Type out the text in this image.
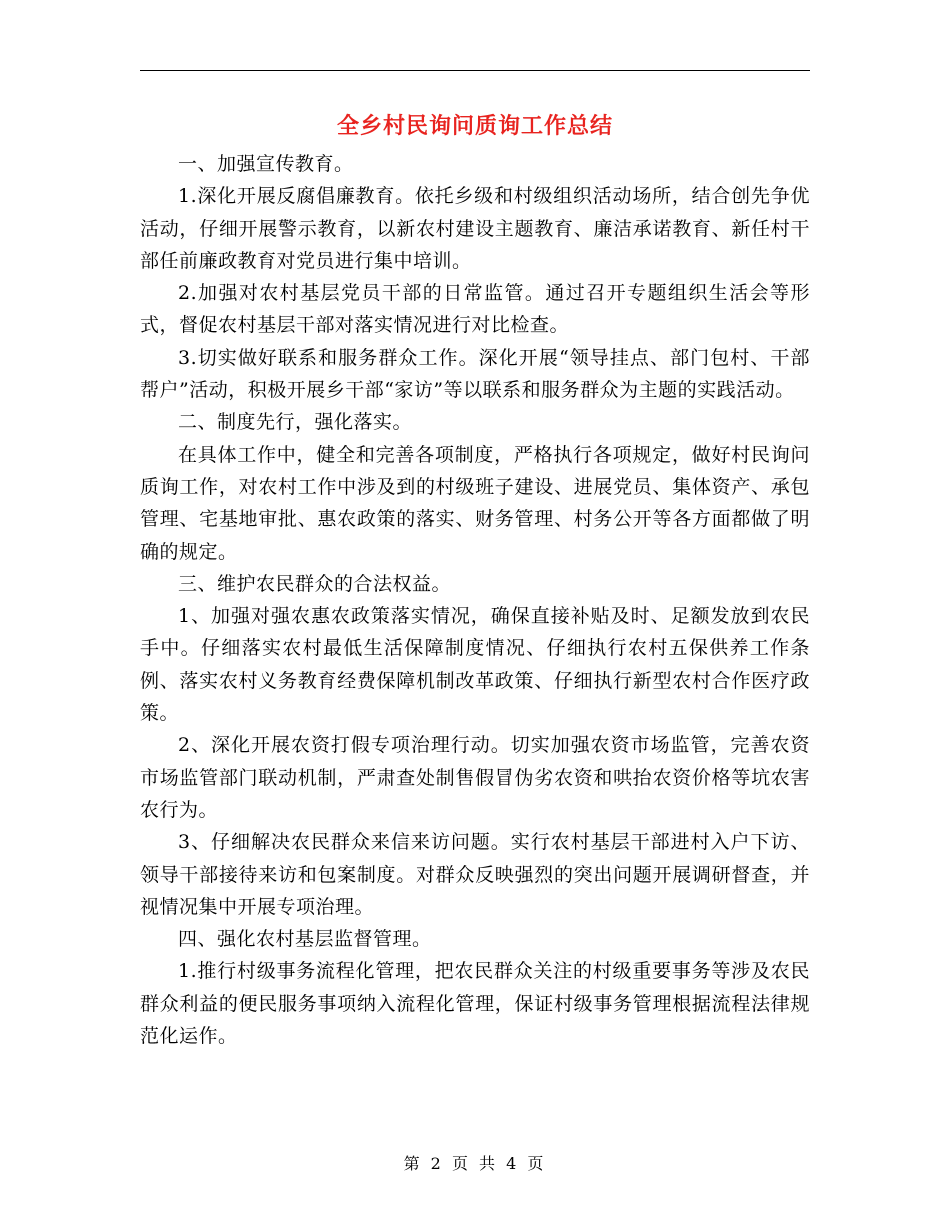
全乡村民询问质询工作总结

一、加强宣传教育。

1.深化开展反腐倡廉教育。依托乡级和村级组织活动场所，结合创先争优活动，仔细开展警示教育，以新农村建设主题教育、廉洁承诺教育、新任村干部任前廉政教育对党员进行集中培训。

2.加强对农村基层党员干部的日常监管。通过召开专题组织生活会等形式，督促农村基层干部对落实情况进行对比检查。

3.切实做好联系和服务群众工作。深化开展“领导挂点、部门包村、干部帮户”活动，积极开展乡干部“家访”等以联系和服务群众为主题的实践活动。

二、制度先行，强化落实。

在具体工作中，健全和完善各项制度，严格执行各项规定，做好村民询问质询工作，对农村工作中涉及到的村级班子建设、进展党员、集体资产、承包管理、宅基地审批、惠农政策的落实、财务管理、村务公开等各方面都做了明确的规定。

三、维护农民群众的合法权益。

1、加强对强农惠农政策落实情况，确保直接补贴及时、足额发放到农民手中。仔细落实农村最低生活保障制度情况、仔细执行农村五保供养工作条例、落实农村义务教育经费保障机制改革政策、仔细执行新型农村合作医疗政策。

2、深化开展农资打假专项治理行动。切实加强农资市场监管，完善农资市场监管部门联动机制，严肃查处制售假冒伪劣农资和哄抬农资价格等坑农害农行为。

3、仔细解决农民群众来信来访问题。实行农村基层干部进村入户下访、领导干部接待来访和包案制度。对群众反映强烈的突出问题开展调研督查，并视情况集中开展专项治理。

四、强化农村基层监督管理。

1.推行村级事务流程化管理，把农民群众关注的村级重要事务等涉及农民群众利益的便民服务事项纳入流程化管理，保证村级事务管理根据流程法律规范化运作。

第 2 页 共 4 页
